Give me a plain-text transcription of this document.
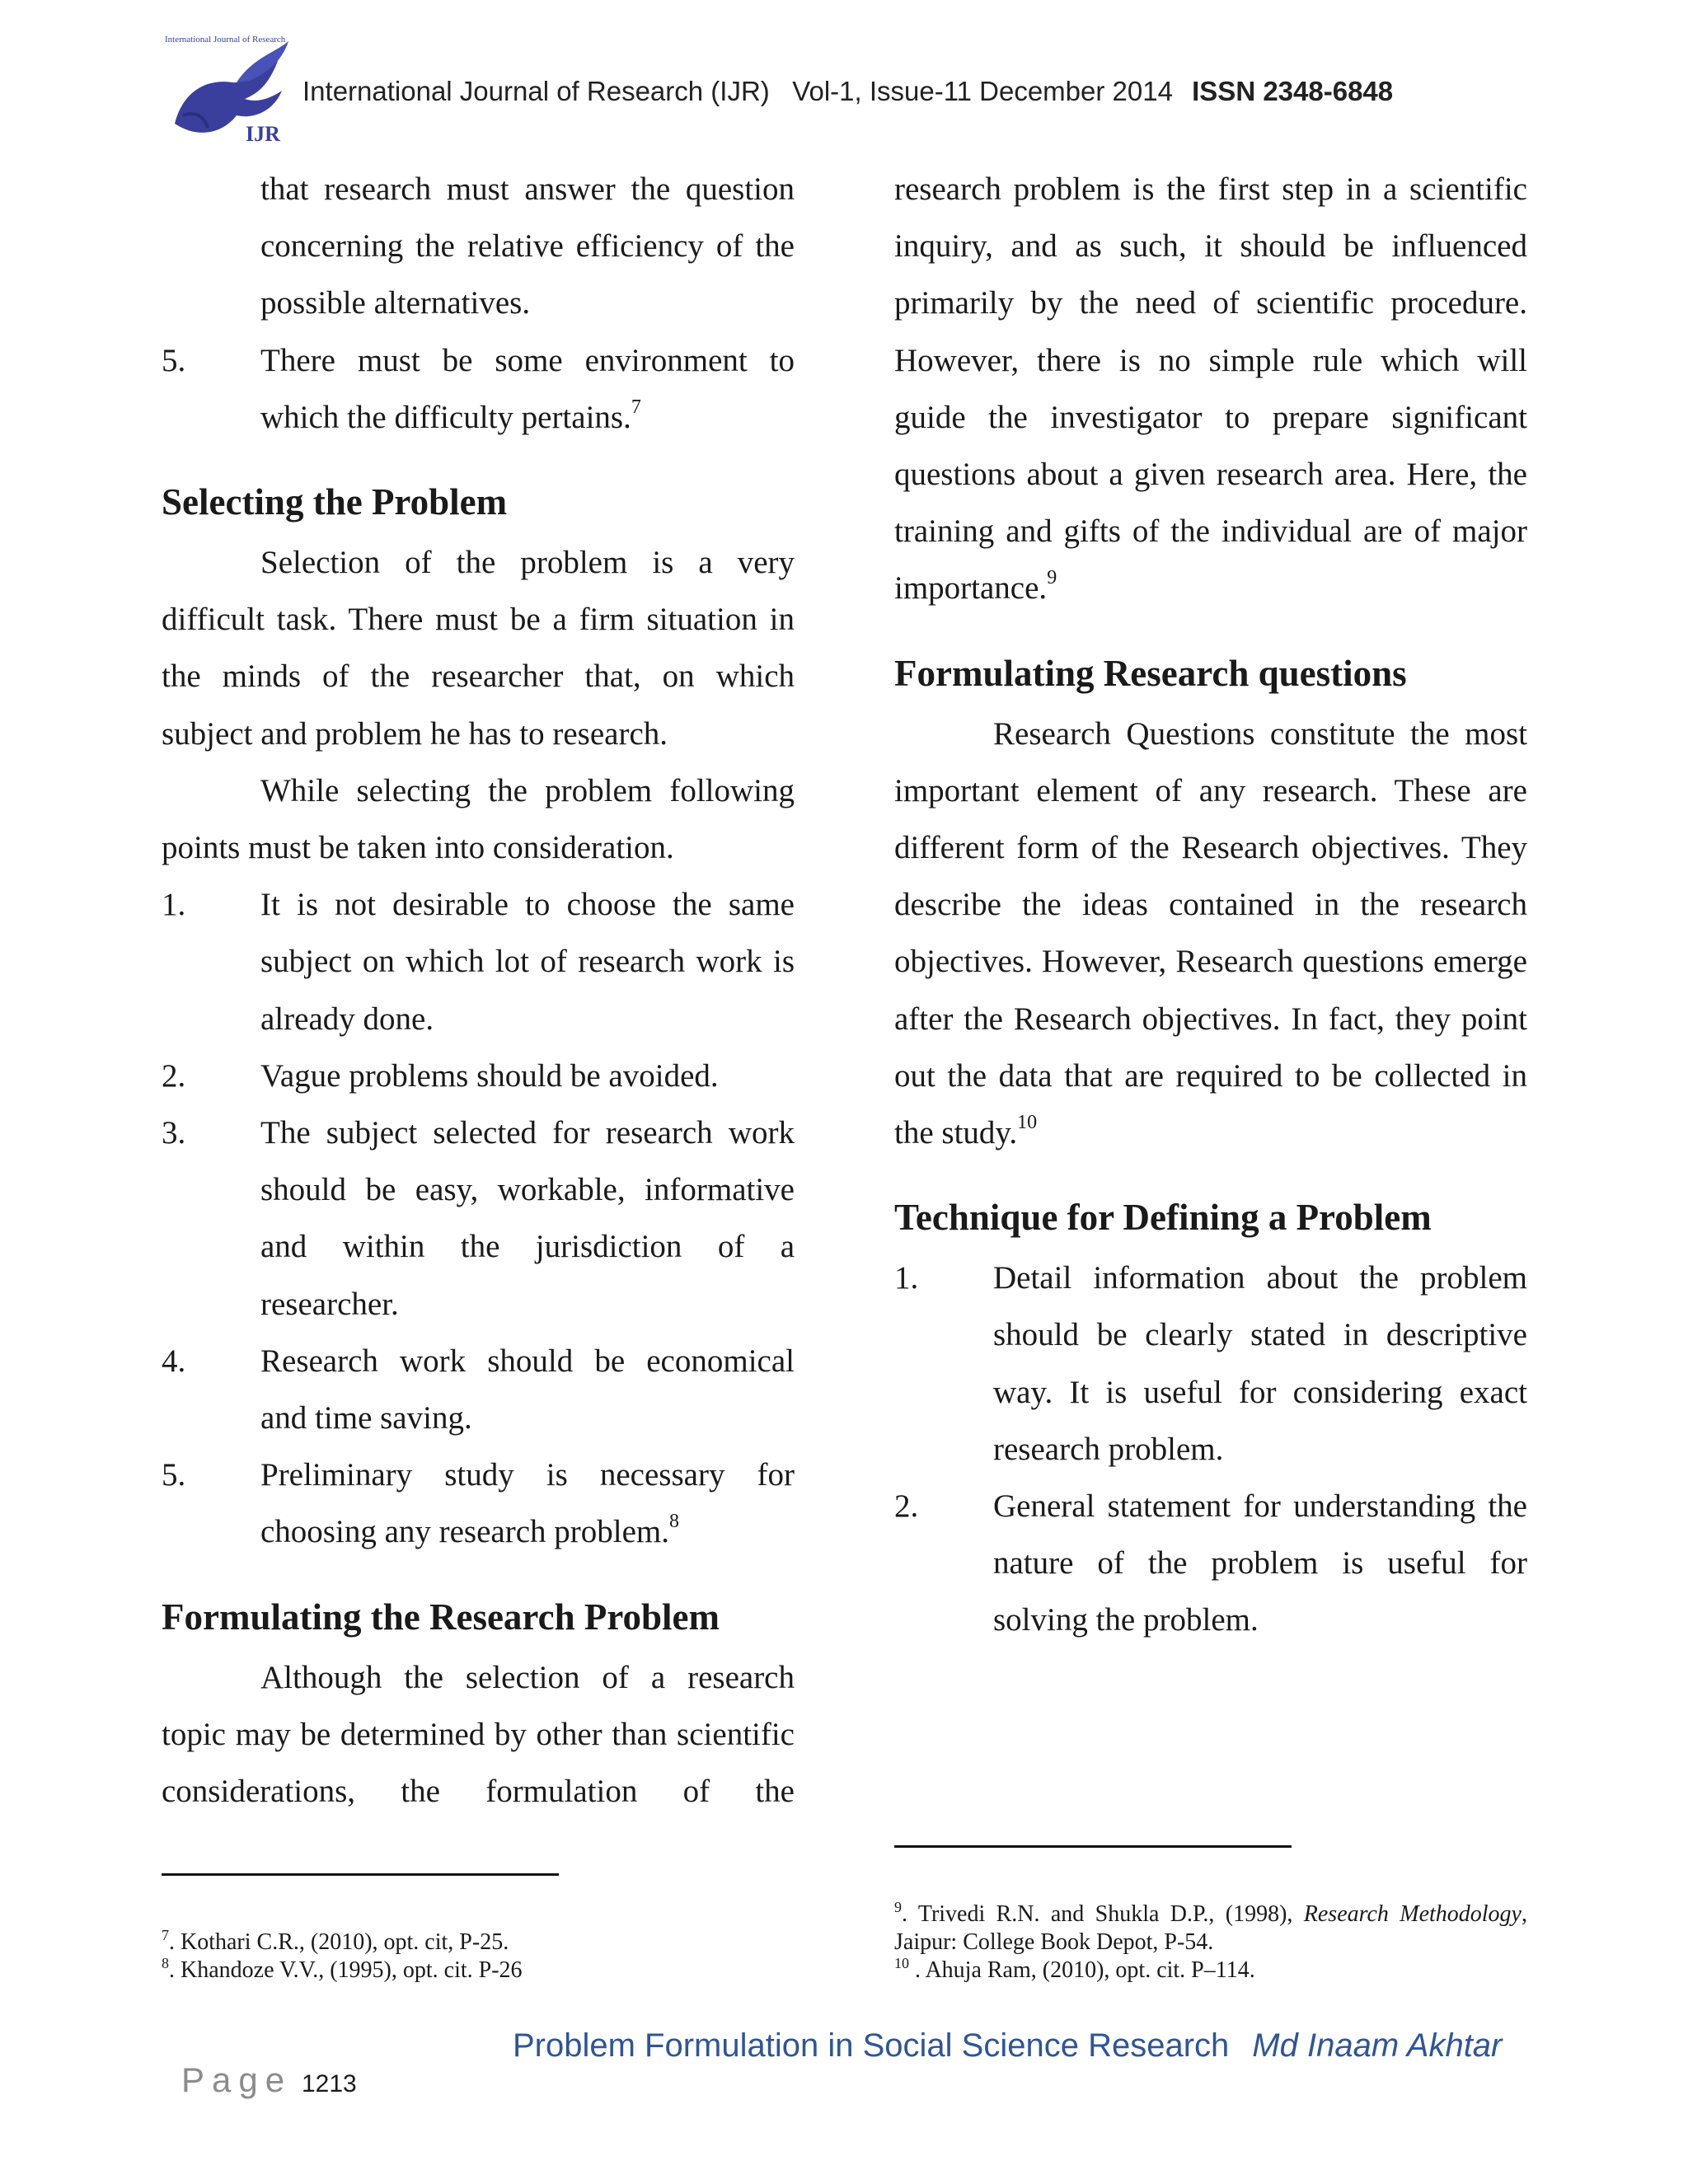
International Journal of Research
IJR
International Journal of Research (IJR) Vol-1, Issue-11 December 2014 ISSN 2348-6848
that research must answer the question
concerning the relative efficiency of the
possible alternatives.
5. There must be some environment to
which the difficulty pertains.$^7$
Selecting the Problem

Selection of the problem is a very difficult task. There must be a firm situation in the minds of the researcher that, on which subject and problem he has to research.

While selecting the problem following points must be taken into consideration.

1. It is not desirable to choose the same subject on which lot of research work is already done.
2. Vague problems should be avoided.
3. The subject selected for research work should be easy, workable, informative and within the jurisdiction of a researcher.
4. Research work should be economical and time saving.
5. Preliminary study is necessary for choosing any research problem.$^8$
Formulating the Research Problem

Although the selection of a research topic may be determined by other than scientific considerations, the formulation of the

research problem is the first step in a scientific inquiry, and as such, it should be influenced primarily by the need of scientific procedure. However, there is no simple rule which will guide the investigator to prepare significant questions about a given research area. Here, the training and gifts of the individual are of major importance.$^9$

Formulating Research questions

Research Questions constitute the most important element of any research. These are different form of the Research objectives. They describe the ideas contained in the research objectives. However, Research questions emerge after the Research objectives. In fact, they point out the data that are required to be collected in the study.$^{10}$

Technique for Defining a Problem
1. Detail information about the problem should be clearly stated in descriptive way. It is useful for considering exact research problem.
2. General statement for understanding the nature of the problem is useful for solving the problem.
$^7$. Kothari C.R., (2010), opt. cit, P-25.
$^8$. Khandoze V.V., (1995), opt. cit. P-26
$^9$. Trivedi R.N. and Shukla D.P., (1998), Research Methodology, Jaipur: College Book Depot, P-54.
$^{10}$ . Ahuja Ram, (2010), opt. cit. P–114.
Problem Formulation in Social Science Research Md Inaam Akhtar
Page 1213
